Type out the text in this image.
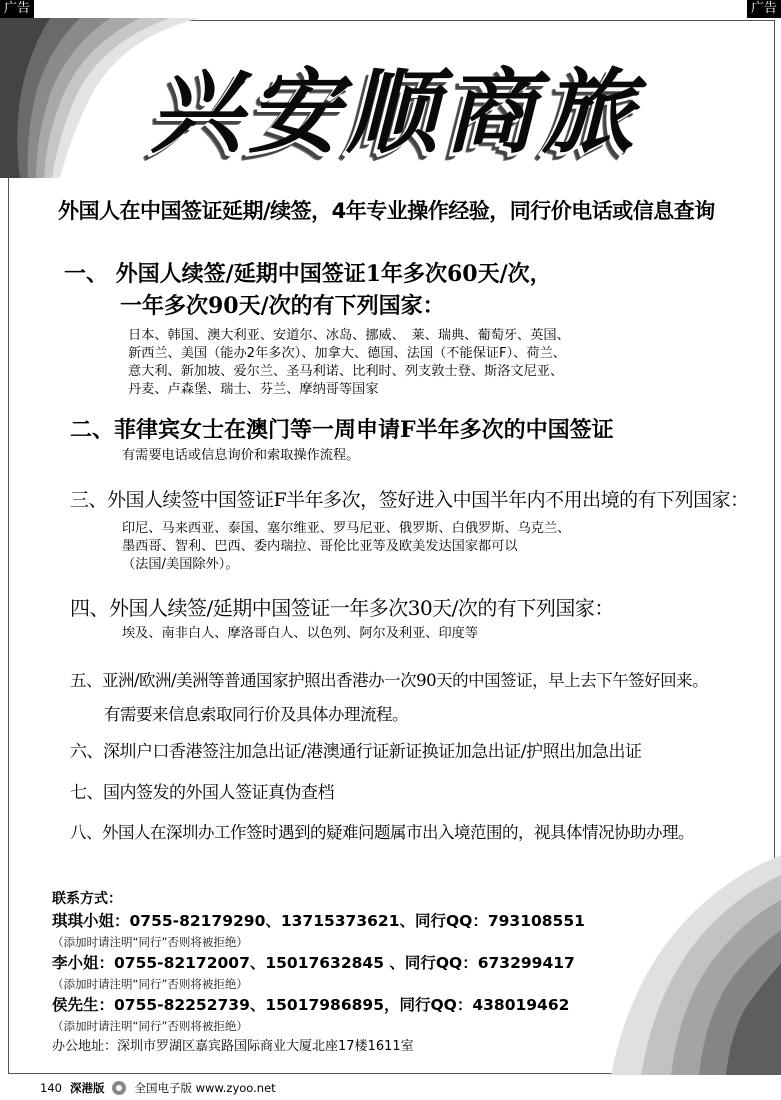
广告	广告
兴安顺商旅
外国人在中国签证延期/续签，4年专业操作经验，同行价电话或信息查询
一、 外国人续签/延期中国签证1年多次60天/次，
一年多次90天/次的有下列国家：
日本、韩国、澳大利亚、安道尔、冰岛、挪威、　莱、瑞典、葡萄牙、英国、
新西兰、美国（能办2年多次）、加拿大、德国、法国（不能保证F）、荷兰、
意大利、新加坡、爱尔兰、圣马利诺、比利时、列支敦士登、斯洛文尼亚、
丹麦、卢森堡、瑞士、芬兰、摩纳哥等国家
二、菲律宾女士在澳门等一周申请F半年多次的中国签证
有需要电话或信息询价和索取操作流程。
三、外国人续签中国签证F半年多次，签好进入中国半年内不用出境的有下列国家：
印尼、马来西亚、泰国、塞尔维亚、罗马尼亚、俄罗斯、白俄罗斯、乌克兰、
墨西哥、智利、巴西、委内瑞拉、哥伦比亚等及欧美发达国家都可以
（法国/美国除外）。
四、外国人续签/延期中国签证一年多次30天/次的有下列国家：
埃及、南非白人、摩洛哥白人、以色列、阿尔及利亚、印度等
五、亚洲/欧洲/美洲等普通国家护照出香港办一次90天的中国签证，早上去下午签好回来。
有需要来信息索取同行价及具体办理流程。
六、深圳户口香港签注加急出证/港澳通行证新证换证加急出证/护照出加急出证
七、国内签发的外国人签证真伪查档
八、外国人在深圳办工作签时遇到的疑难问题属市出入境范围的，视具体情况协助办理。
联系方式：
琪琪小姐：0755-82179290、13715373621、同行QQ：793108551
（添加时请注明“同行”否则将被拒绝）
李小姐：0755-82172007、15017632845 、同行QQ：673299417
（添加时请注明“同行”否则将被拒绝）
侯先生：0755-82252739、15017986895，同行QQ：438019462
（添加时请注明“同行”否则将被拒绝）
办公地址：深圳市罗湖区嘉宾路国际商业大厦北座17楼1611室
140 深港版	全国电子版 www.zyoo.net
